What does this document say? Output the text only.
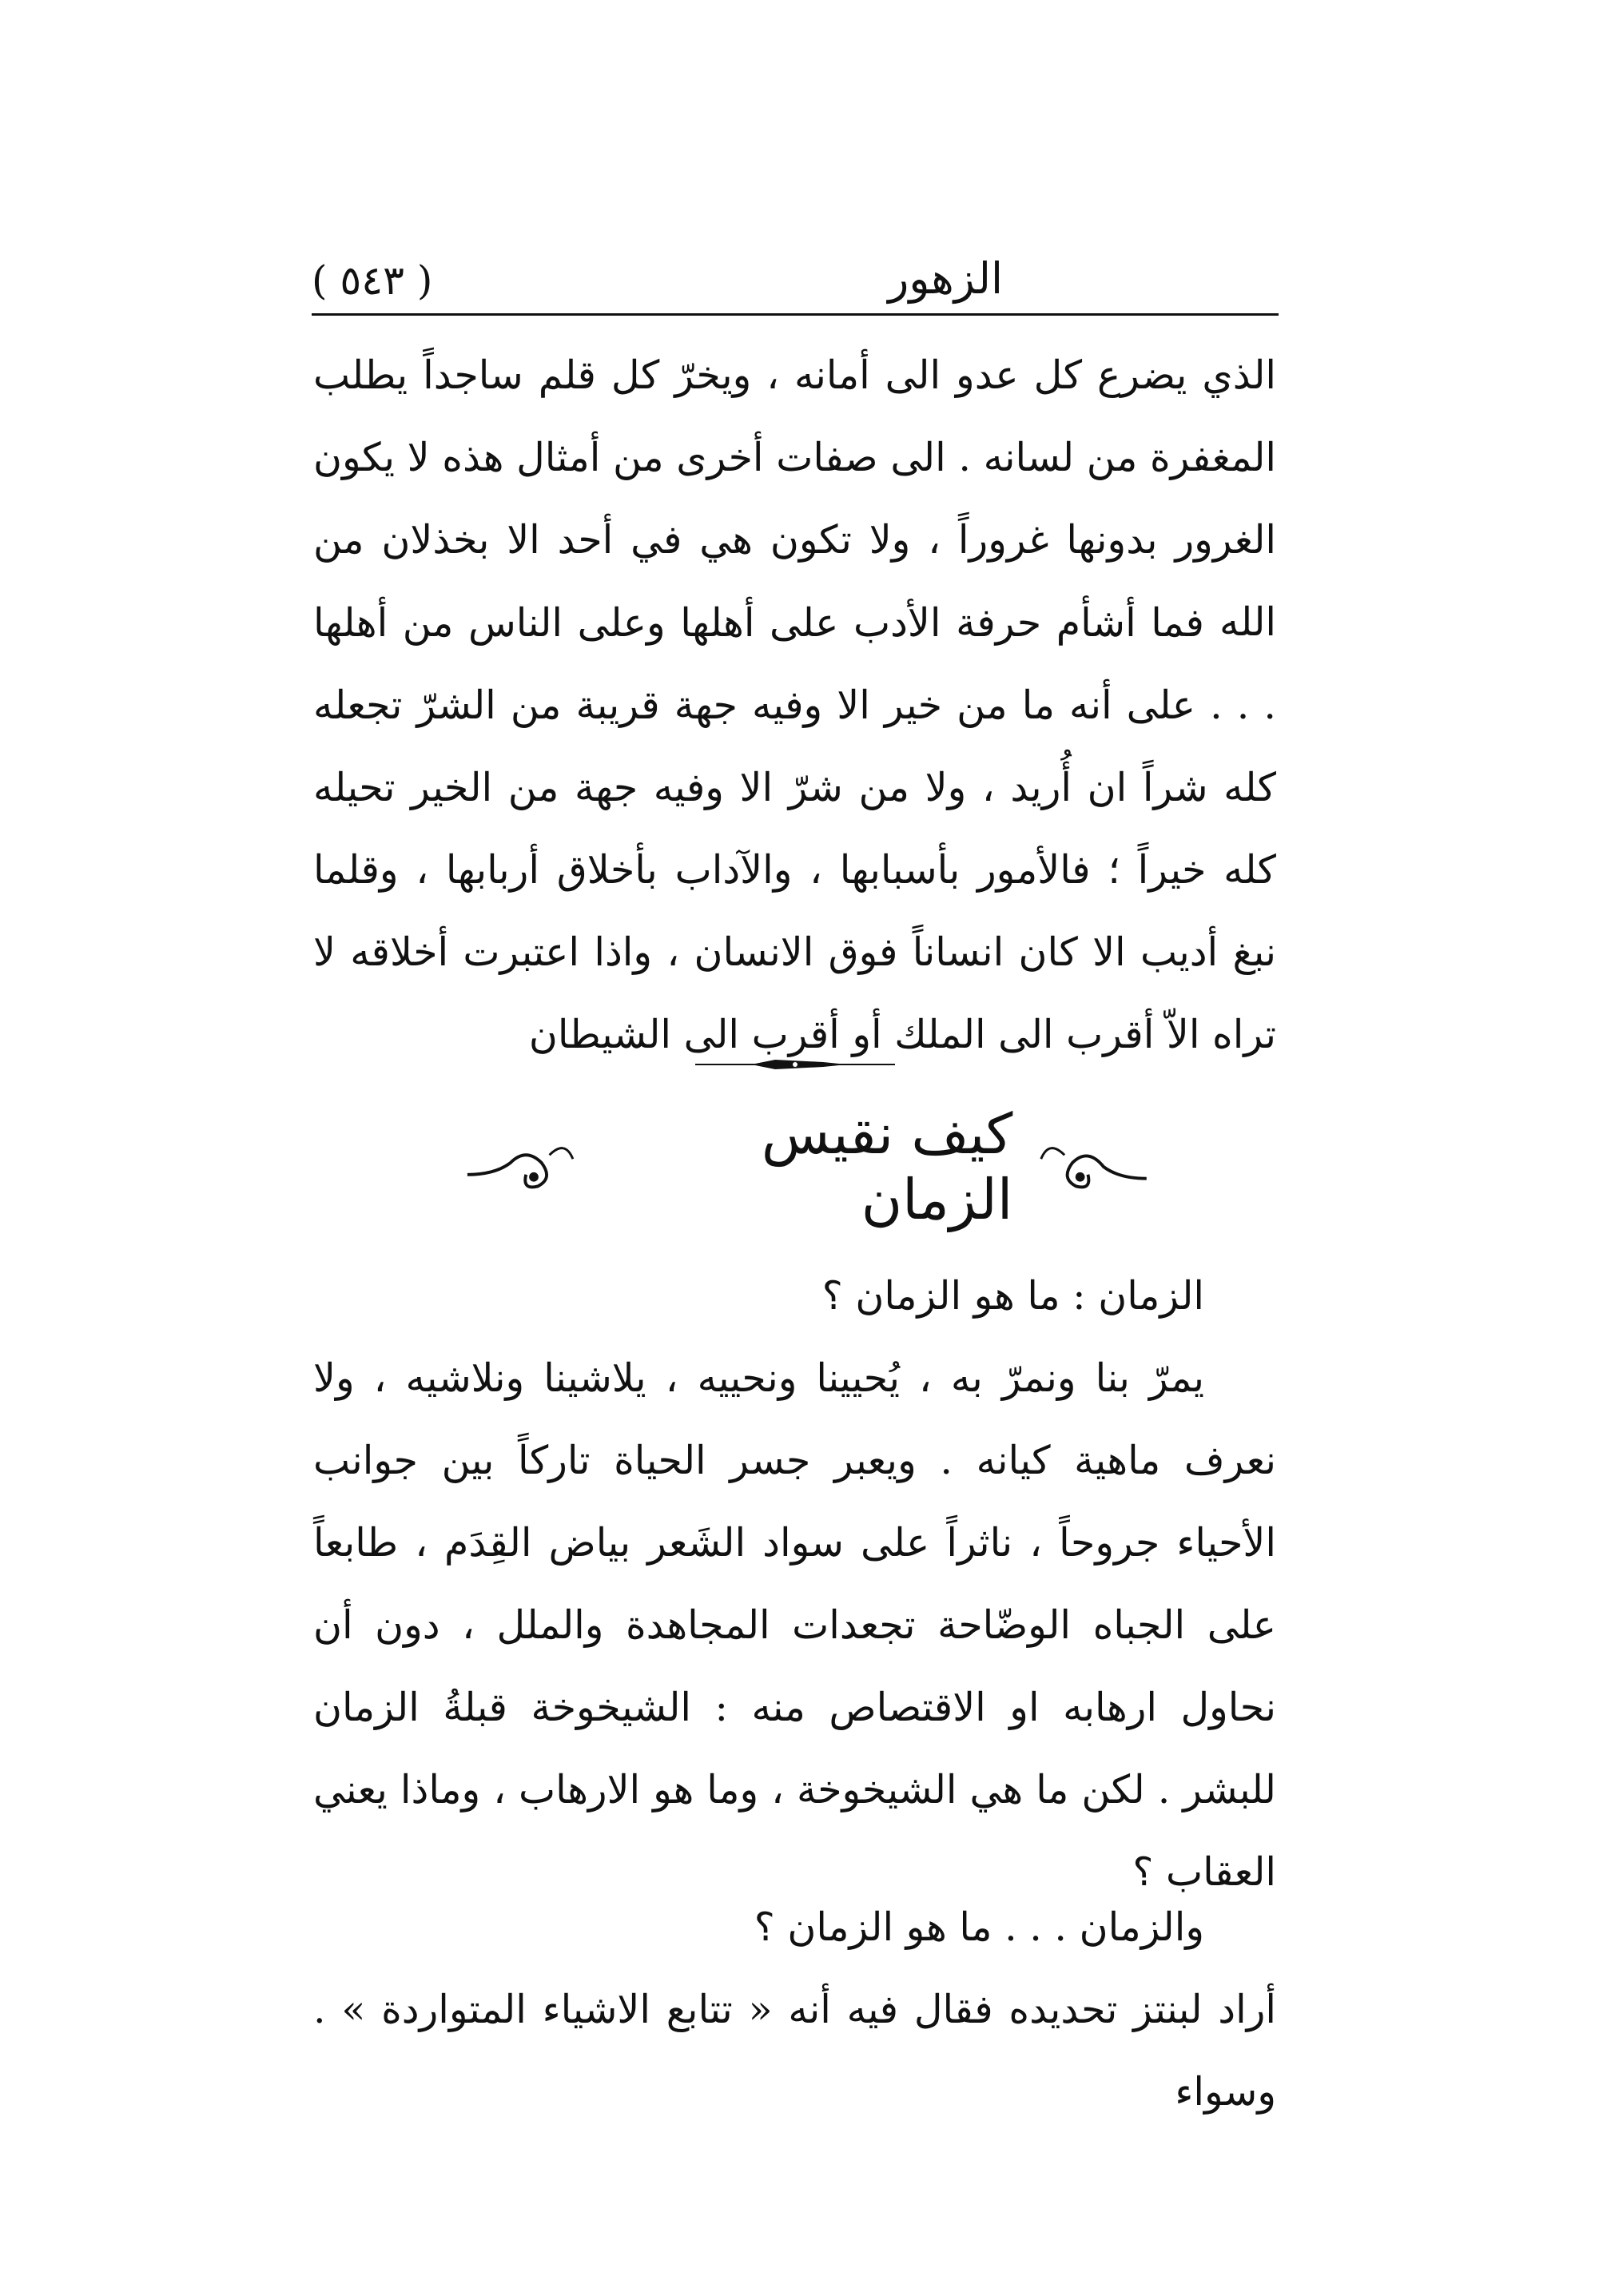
( ٥٤٣ )	الزهور

الذي يضرع كل عدو الى أمانه ، ويخرّ كل قلم ساجداً يطلب المغفرة من لسانه . الى صفات أخرى من أمثال هذه لا يكون الغرور بدونها غروراً ، ولا تكون هي في أحد الا بخذلان من الله

فما أشأم حرفة الأدب على أهلها وعلى الناس من أهلها . . . على أنه ما من خير الا وفيه جهة قريبة من الشرّ تجعله كله شراً ان أُريد ، ولا من شرّ الا وفيه جهة من الخير تحيله كله خيراً ؛ فالأمور بأسبابها ، والآداب بأخلاق أربابها ، وقلما نبغ أديب الا كان انساناً فوق الانسان ، واذا اعتبرت أخلاقه لا تراه الاّ أقرب الى الملك أو أقرب الى الشيطان

كيف نقيس الزمان

الزمان : ما هو الزمان ؟

يمرّ بنا ونمرّ به ، يُحيينا ونحييه ، يلاشينا ونلاشيه ، ولا نعرف ماهية كيانه . ويعبر جسر الحياة تاركاً بين جوانب الأحياء جروحاً ، ناثراً على سواد الشَعر بياض القِدَم ، طابعاً على الجباه الوضّاحة تجعدات المجاهدة والملل ، دون أن نحاول ارهابه او الاقتصاص منه : الشيخوخة قبلةُ الزمان للبشر . لكن ما هي الشيخوخة ، وما هو الارهاب ، وماذا يعني العقاب ؟

والزمان . . . ما هو الزمان ؟

أراد لبنتز تحديده فقال فيه أنه « تتابع الاشياء المتواردة » . وسواء
